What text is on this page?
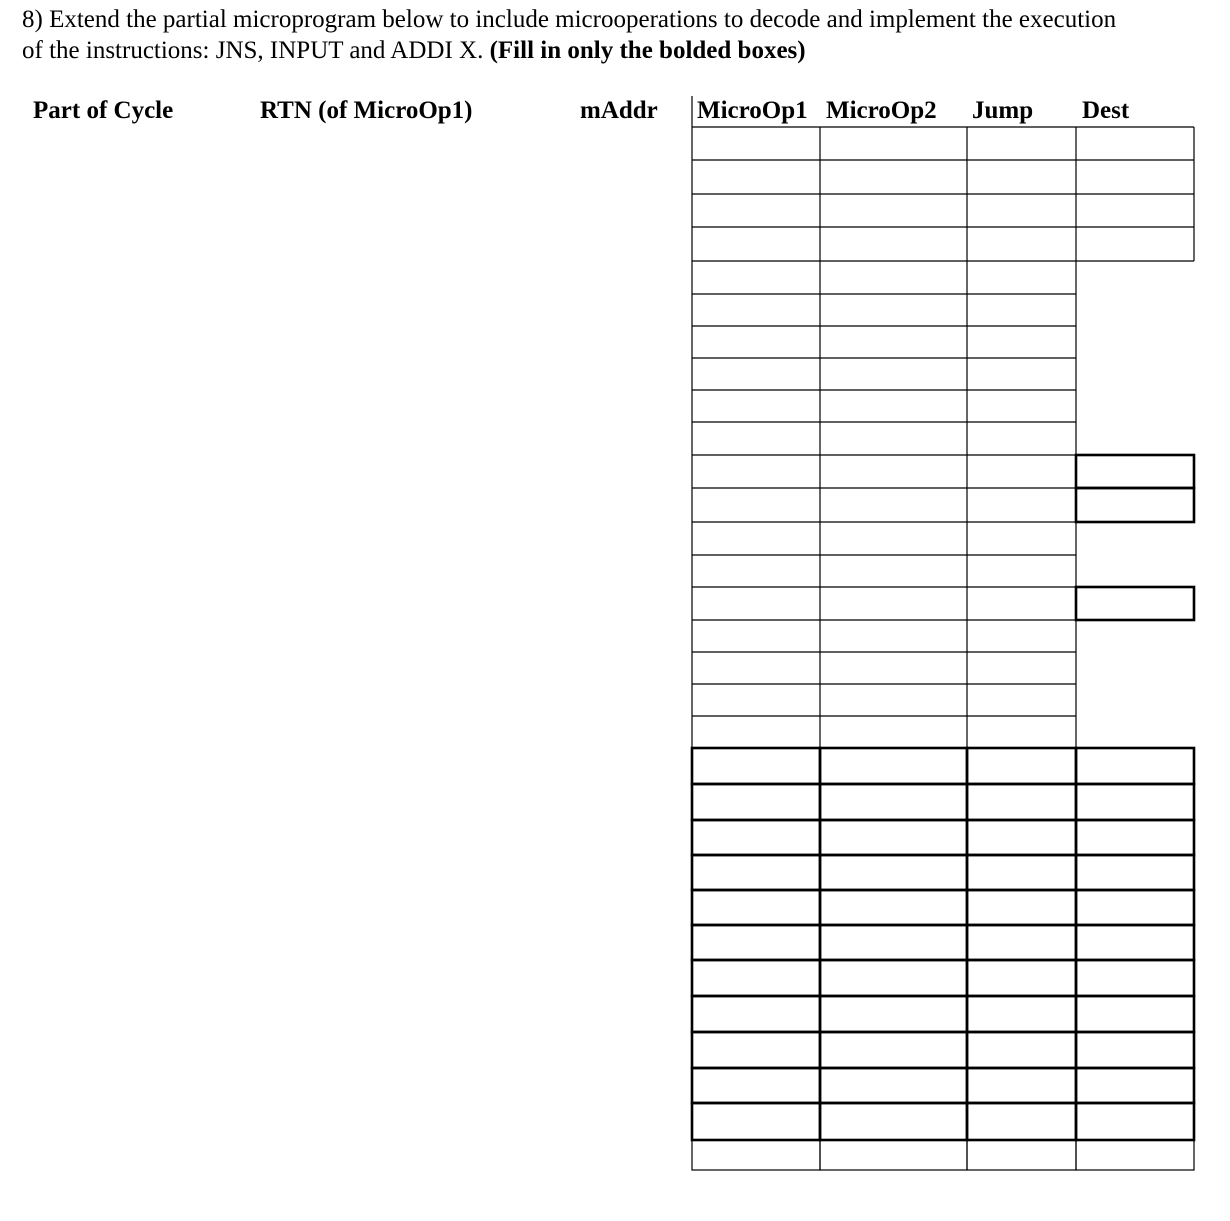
8) Extend the partial microprogram below to include microoperations to decode and implement the execution
of the instructions: JNS, INPUT and ADDI X. (Fill in only the bolded boxes)
Part of Cycle	RTN (of MicroOp1)	mAddr MicroOp1 MicroOp2 Jump Dest
